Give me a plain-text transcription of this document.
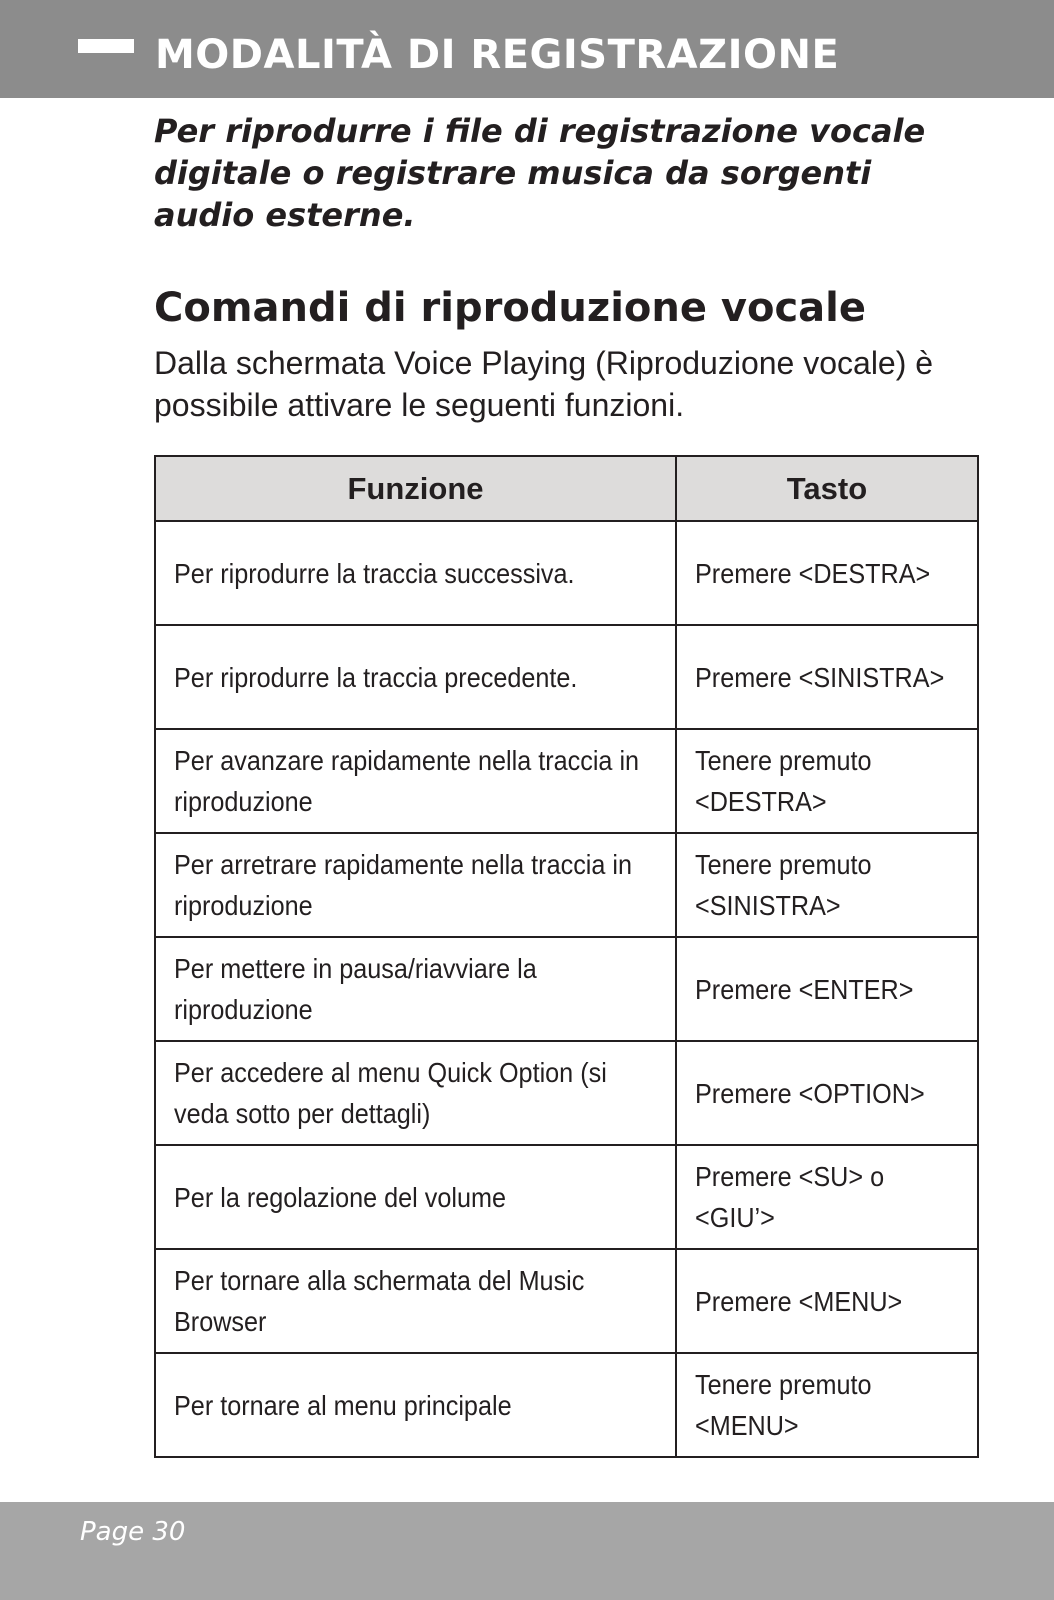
MODALITÀ DI REGISTRAZIONE

Per riprodurre i file di registrazione vocale digitale o registrare musica da sorgenti audio esterne.

Comandi di riproduzione vocale

Dalla schermata Voice Playing (Riproduzione vocale) è possibile attivare le seguenti funzioni.

Funzione	Tasto
Per riprodurre la traccia successiva.	Premere <DESTRA>
Per riprodurre la traccia precedente.	Premere <SINISTRA>
Per avanzare rapidamente nella traccia in riproduzione	Tenere premuto <DESTRA>
Per arretrare rapidamente nella traccia in riproduzione	Tenere premuto <SINISTRA>
Per mettere in pausa/riavviare la riproduzione	Premere <ENTER>
Per accedere al menu Quick Option (si veda sotto per dettagli)	Premere <OPTION>
Per la regolazione del volume	Premere <SU> o <GIU’>
Per tornare alla schermata del Music Browser	Premere <MENU>
Per tornare al menu principale	Tenere premuto <MENU>
Page 30
